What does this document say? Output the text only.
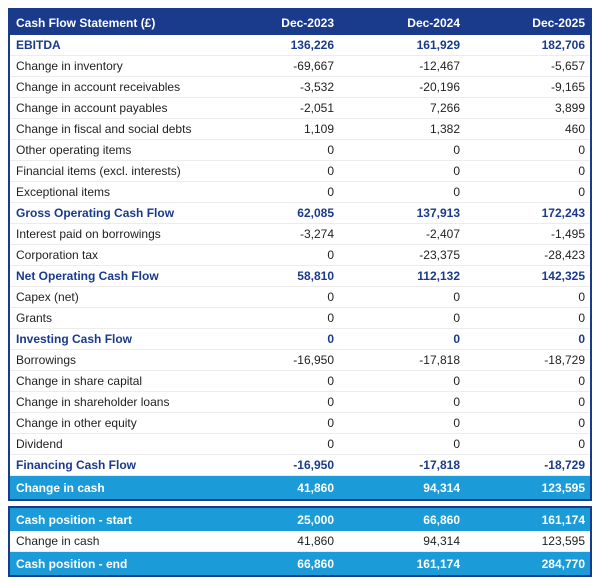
Cash Flow Statement (£)	Dec-2023	Dec-2024	Dec-2025
EBITDA	136,226	161,929	182,706
Change in inventory	-69,667	-12,467	-5,657
Change in account receivables	-3,532	-20,196	-9,165
Change in account payables	-2,051	7,266	3,899
Change in fiscal and social debts	1,109	1,382	460
Other operating items	0	0	0
Financial items (excl. interests)	0	0	0
Exceptional items	0	0	0
Gross Operating Cash Flow	62,085	137,913	172,243
Interest paid on borrowings	-3,274	-2,407	-1,495
Corporation tax	0	-23,375	-28,423
Net Operating Cash Flow	58,810	112,132	142,325
Capex (net)	0	0	0
Grants	0	0	0
Investing Cash Flow	0	0	0
Borrowings	-16,950	-17,818	-18,729
Change in share capital	0	0	0
Change in shareholder loans	0	0	0
Change in other equity	0	0	0
Dividend	0	0	0
Financing Cash Flow	-16,950	-17,818	-18,729
Change in cash	41,860	94,314	123,595
Cash position - start	25,000	66,860	161,174
Change in cash	41,860	94,314	123,595
Cash position - end	66,860	161,174	284,770
